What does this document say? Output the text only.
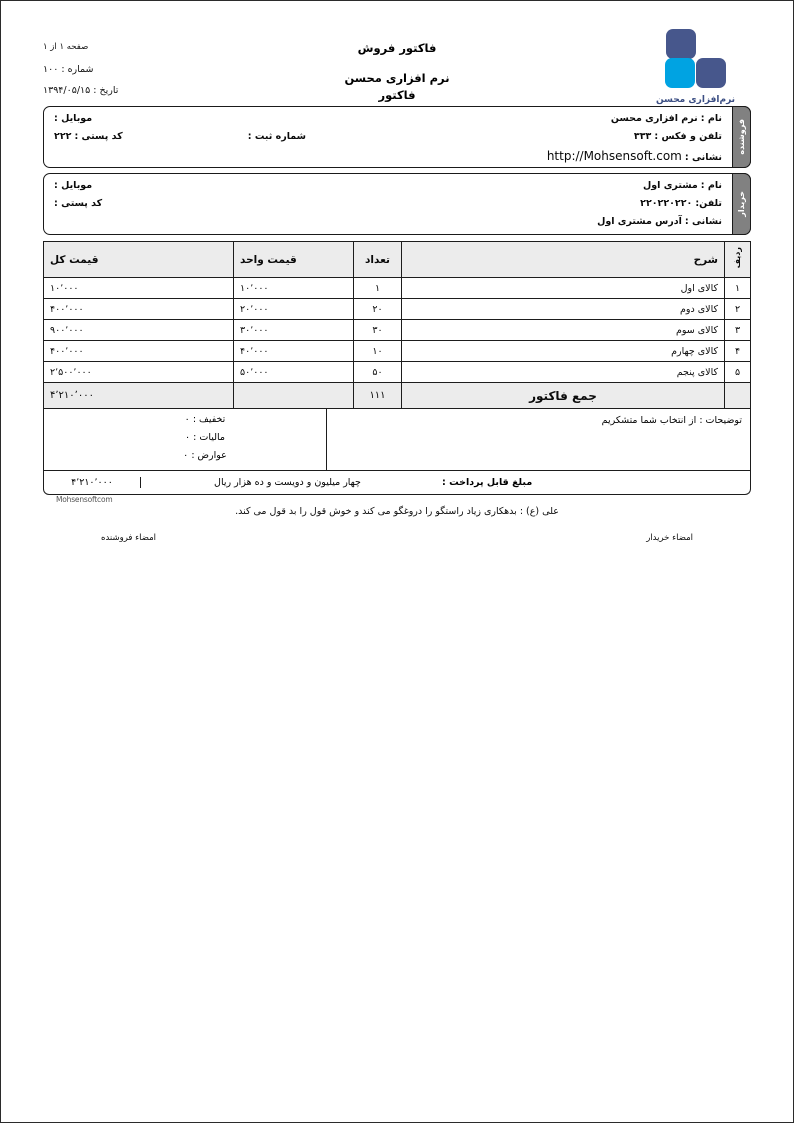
صفحه ۱ از ۱
شماره : ۱۰۰
تاریخ : ۱۳۹۴/۰۵/۱۵
فاکتور فروش
نرم افزاری محسن
فاکتور	نرم‌افزاری محسن
فروشنده
نام : نرم افزاری محسن
تلفن و فکس : ۳۳۳
نشانی : http://Mohsensoft.com
شماره ثبت :
موبایل :
کد پستی : ۲۲۲
خریدار
نام : مشتری اول
تلفن: ۲۲۰۲۲۰۲۲۰
نشانی : آدرس مشتری اول
موبایل :
کد پستی :
ردیف	شرح	تعداد	قیمت واحد	قیمت کل
۱	کالای اول	۱	۱۰٬۰۰۰	۱۰٬۰۰۰
۲	کالای دوم	۲۰	۲۰٬۰۰۰	۴۰۰٬۰۰۰
۳	کالای سوم	۳۰	۳۰٬۰۰۰	۹۰۰٬۰۰۰
۴	کالای چهارم	۱۰	۴۰٬۰۰۰	۴۰۰٬۰۰۰
۵	کالای پنجم	۵۰	۵۰٬۰۰۰	۲٬۵۰۰٬۰۰۰
	جمع فاکتور	۱۱۱		۴٬۲۱۰٬۰۰۰
توضیحات : از انتخاب شما متشکریم
تخفیف : ۰
مالیات : ۰
عوارض : ۰
مبلغ قابل پرداخت :
چهار میلیون و دویست و ده هزار ریال
۴٬۲۱۰٬۰۰۰
Mohsensoftcom
علی (ع) : بدهکاری زیاد راستگو را دروغگو می کند و خوش قول را بد قول می کند.
امضاء خریدار
امضاء فروشنده
